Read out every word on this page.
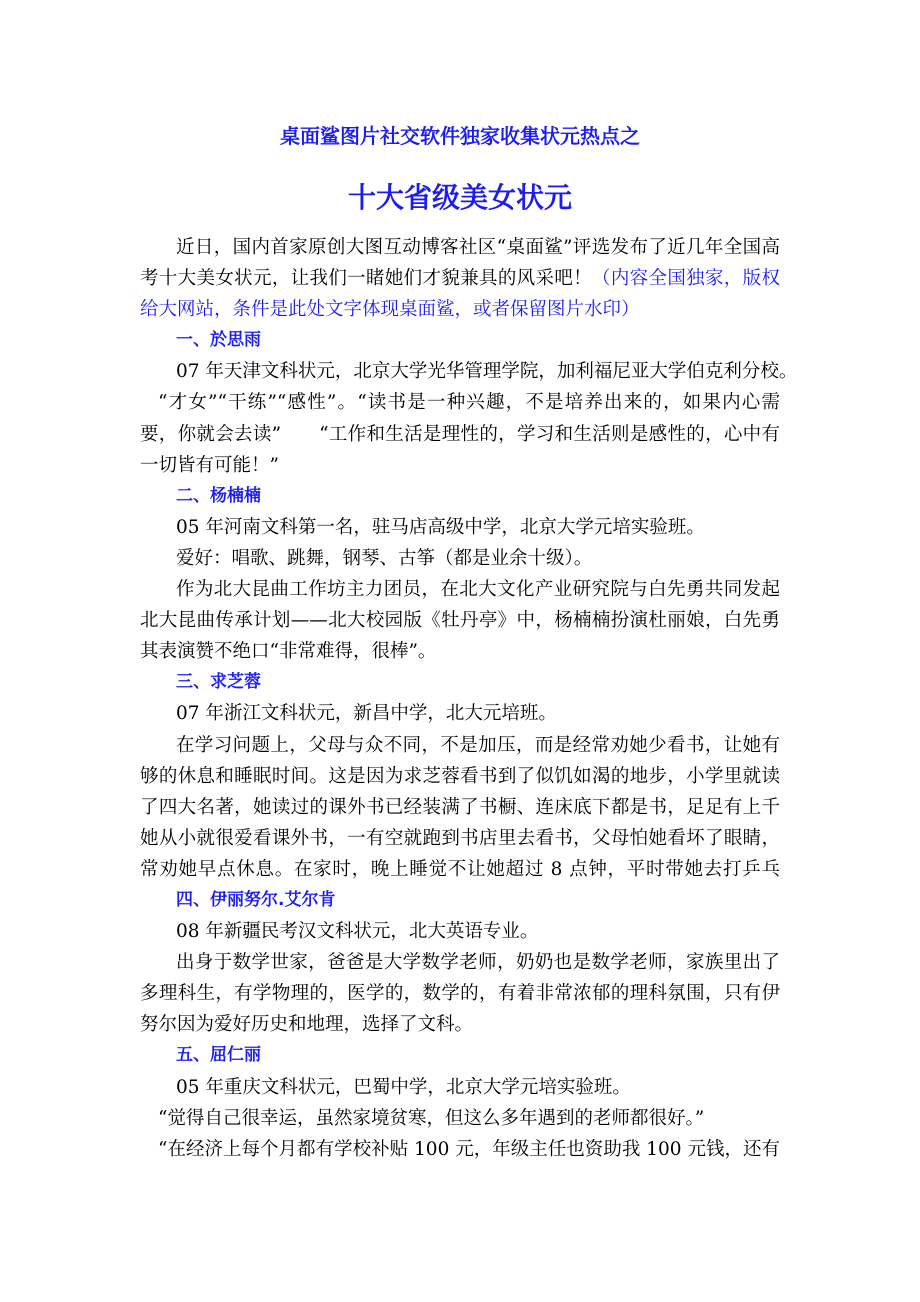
桌面鲨图片社交软件独家收集状元热点之
十大省级美女状元
近日，国内首家原创大图互动博客社区“桌面鲨”评选发布了近几年全国高
考十大美女状元，让我们一睹她们才貌兼具的风采吧！（内容全国独家，版权
给大网站，条件是此处文字体现桌面鲨，或者保留图片水印）
一、於思雨
07 年天津文科状元，北京大学光华管理学院，加利福尼亚大学伯克利分校。
“才女”“干练”“感性”。“读书是一种兴趣，不是培养出来的，如果内心需
要，你就会去读”　　“工作和生活是理性的，学习和生活则是感性的，心中有
一切皆有可能！”
二、杨楠楠
05 年河南文科第一名，驻马店高级中学，北京大学元培实验班。
爱好：唱歌、跳舞，钢琴、古筝（都是业余十级）。
作为北大昆曲工作坊主力团员，在北大文化产业研究院与白先勇共同发起
北大昆曲传承计划——北大校园版《牡丹亭》中，杨楠楠扮演杜丽娘，白先勇
其表演赞不绝口“非常难得，很棒”。
三、求芝蓉
07 年浙江文科状元，新昌中学，北大元培班。
在学习问题上，父母与众不同，不是加压，而是经常劝她少看书，让她有
够的休息和睡眠时间。这是因为求芝蓉看书到了似饥如渴的地步，小学里就读
了四大名著，她读过的课外书已经装满了书橱、连床底下都是书，足足有上千
她从小就很爱看课外书，一有空就跑到书店里去看书，父母怕她看坏了眼睛，
常劝她早点休息。在家时，晚上睡觉不让她超过 8 点钟，平时带她去打乒乓
四、伊丽努尔.艾尔肯
08 年新疆民考汉文科状元，北大英语专业。
出身于数学世家，爸爸是大学数学老师，奶奶也是数学老师，家族里出了
多理科生，有学物理的，医学的，数学的，有着非常浓郁的理科氛围，只有伊
努尔因为爱好历史和地理，选择了文科。
五、屈仁丽
05 年重庆文科状元，巴蜀中学，北京大学元培实验班。
“觉得自己很幸运，虽然家境贫寒，但这么多年遇到的老师都很好。”
“在经济上每个月都有学校补贴 100 元，年级主任也资助我 100 元钱，还有
